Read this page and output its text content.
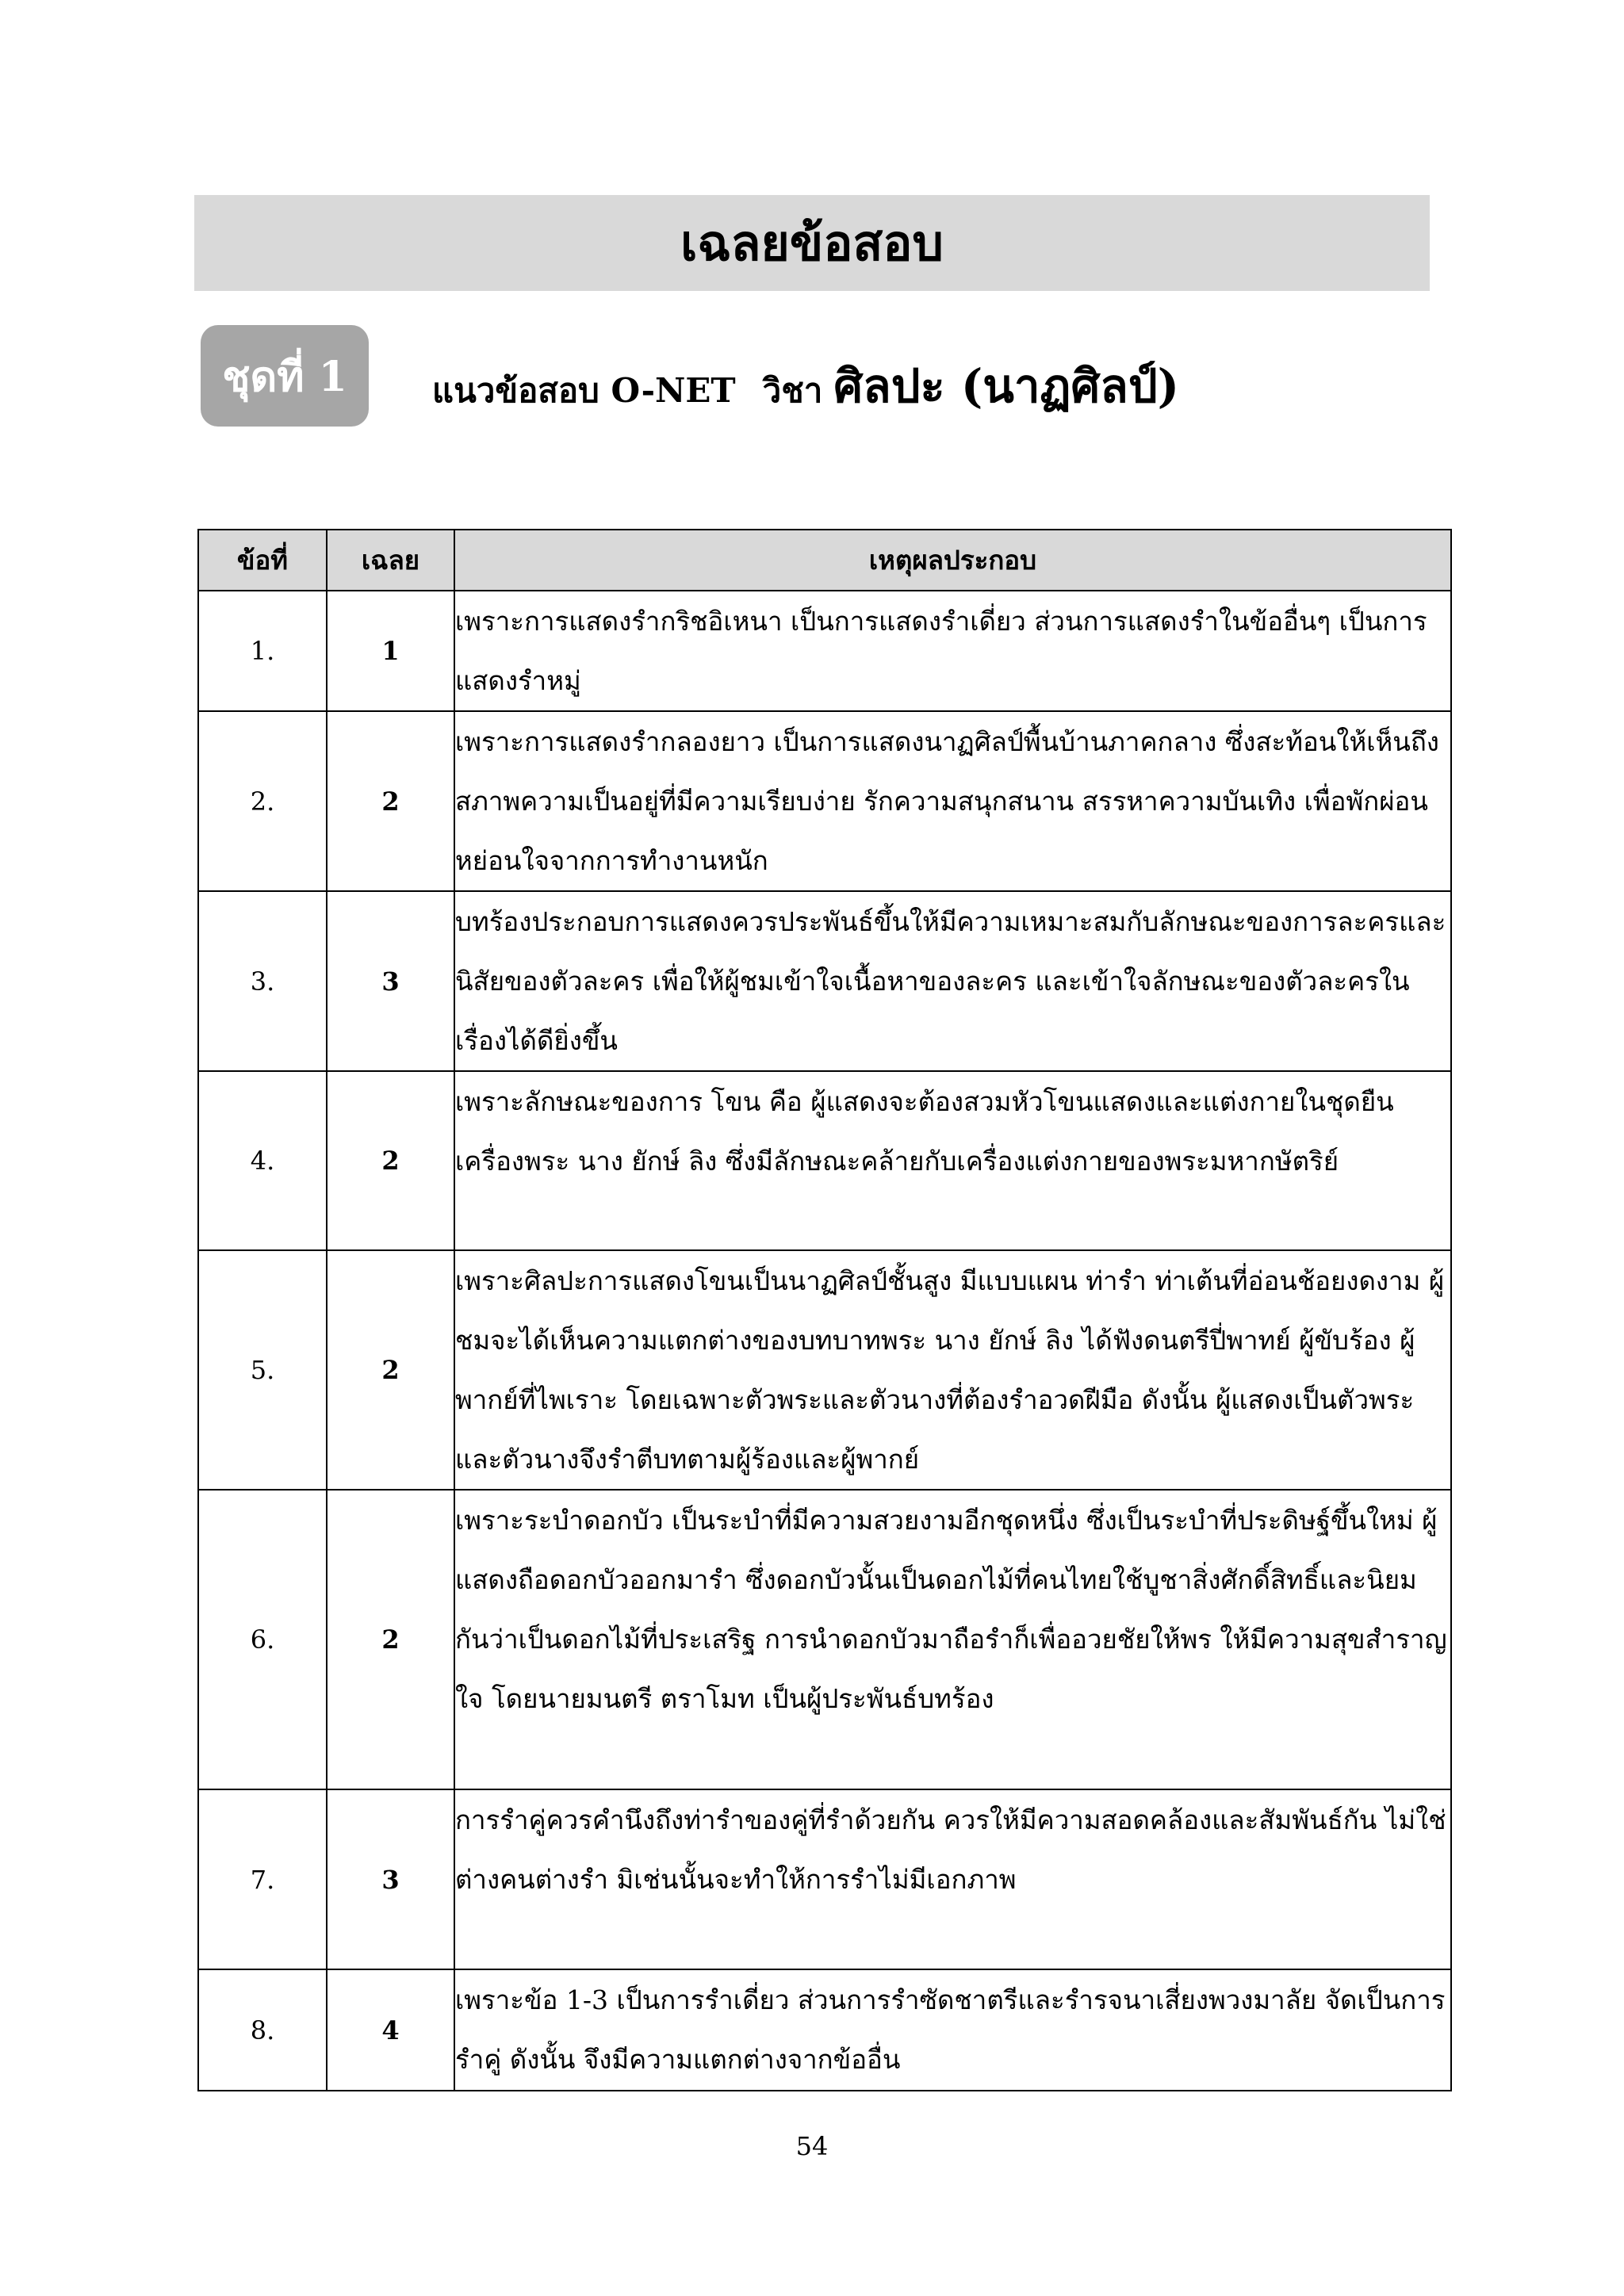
เฉลยข้อสอบ
ชุดที่ 1	แนวข้อสอบ O-NET วิชา ศิลปะ (นาฏศิลป์)
ข้อที่	เฉลย	เหตุผลประกอบ
1.	1	เพราะการแสดงรำกริชอิเหนา เป็นการแสดงรำเดี่ยว ส่วนการแสดงรำในข้ออื่นๆ เป็นการแสดงรำหมู่
2.	2	เพราะการแสดงรำกลองยาว เป็นการแสดงนาฏศิลป์พื้นบ้านภาคกลาง ซึ่งสะท้อนให้เห็นถึงสภาพความเป็นอยู่ที่มีความเรียบง่าย รักความสนุกสนาน สรรหาความบันเทิง เพื่อพักผ่อนหย่อนใจจากการทำงานหนัก
3.	3	บทร้องประกอบการแสดงควรประพันธ์ขึ้นให้มีความเหมาะสมกับลักษณะของการละครและนิสัยของตัวละคร เพื่อให้ผู้ชมเข้าใจเนื้อหาของละคร และเข้าใจลักษณะของตัวละครในเรื่องได้ดียิ่งขึ้น
4.	2	เพราะลักษณะของการ โขน คือ ผู้แสดงจะต้องสวมหัวโขนแสดงและแต่งกายในชุดยืนเครื่องพระ นาง ยักษ์ ลิง ซึ่งมีลักษณะคล้ายกับเครื่องแต่งกายของพระมหากษัตริย์
5.	2	เพราะศิลปะการแสดงโขนเป็นนาฏศิลป์ชั้นสูง มีแบบแผน ท่ารำ ท่าเต้นที่อ่อนช้อยงดงาม ผู้ชมจะได้เห็นความแตกต่างของบทบาทพระ นาง ยักษ์ ลิง ได้ฟังดนตรีปี่พาทย์ ผู้ขับร้อง ผู้พากย์ที่ไพเราะ โดยเฉพาะตัวพระและตัวนางที่ต้องรำอวดฝีมือ ดังนั้น ผู้แสดงเป็นตัวพระและตัวนางจึงรำตีบทตามผู้ร้องและผู้พากย์
6.	2	เพราะระบำดอกบัว เป็นระบำที่มีความสวยงามอีกชุดหนึ่ง ซึ่งเป็นระบำที่ประดิษฐ์ขึ้นใหม่ ผู้แสดงถือดอกบัวออกมารำ ซึ่งดอกบัวนั้นเป็นดอกไม้ที่คนไทยใช้บูชาสิ่งศักดิ์สิทธิ์และนิยมกันว่าเป็นดอกไม้ที่ประเสริฐ การนำดอกบัวมาถือรำก็เพื่ออวยชัยให้พร ให้มีความสุขสำราญใจ โดยนายมนตรี ตราโมท เป็นผู้ประพันธ์บทร้อง
7.	3	การรำคู่ควรคำนึงถึงท่ารำของคู่ที่รำด้วยกัน ควรให้มีความสอดคล้องและสัมพันธ์กัน ไม่ใช่ต่างคนต่างรำ มิเช่นนั้นจะทำให้การรำไม่มีเอกภาพ
8.	4	เพราะข้อ 1-3 เป็นการรำเดี่ยว ส่วนการรำซัดชาตรีและรำรจนาเสี่ยงพวงมาลัย จัดเป็นการรำคู่ ดังนั้น จึงมีความแตกต่างจากข้ออื่น
54
